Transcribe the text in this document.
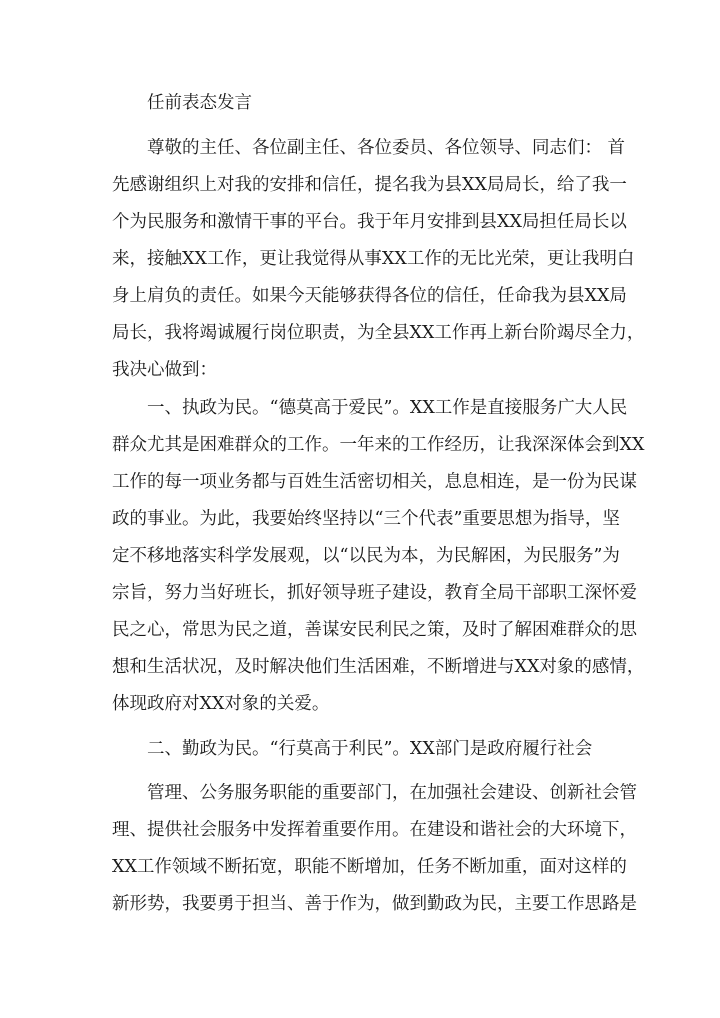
任前表态发言
尊敬的主任、各位副主任、各位委员、各位领导、同志们： 首
先感谢组织上对我的安排和信任，提名我为县XX局局长，给了我一
个为民服务和激情干事的平台。我于年月安排到县XX局担任局长以
来，接触XX工作，更让我觉得从事XX工作的无比光荣，更让我明白
身上肩负的责任。如果今天能够获得各位的信任，任命我为县XX局
局长，我将竭诚履行岗位职责，为全县XX工作再上新台阶竭尽全力，
我决心做到：
一、执政为民。“德莫高于爱民”。XX工作是直接服务广大人民
群众尤其是困难群众的工作。一年来的工作经历，让我深深体会到XX
工作的每一项业务都与百姓生活密切相关，息息相连，是一份为民谋
政的事业。为此，我要始终坚持以“三个代表”重要思想为指导，坚
定不移地落实科学发展观，以“以民为本，为民解困，为民服务”为
宗旨，努力当好班长，抓好领导班子建设，教育全局干部职工深怀爱
民之心，常思为民之道，善谋安民利民之策，及时了解困难群众的思
想和生活状况，及时解决他们生活困难，不断增进与XX对象的感情，
体现政府对XX对象的关爱。
二、勤政为民。“行莫高于利民”。XX部门是政府履行社会
管理、公务服务职能的重要部门，在加强社会建设、创新社会管
理、提供社会服务中发挥着重要作用。在建设和谐社会的大环境下，
XX工作领域不断拓宽，职能不断增加，任务不断加重，面对这样的
新形势，我要勇于担当、善于作为，做到勤政为民，主要工作思路是
